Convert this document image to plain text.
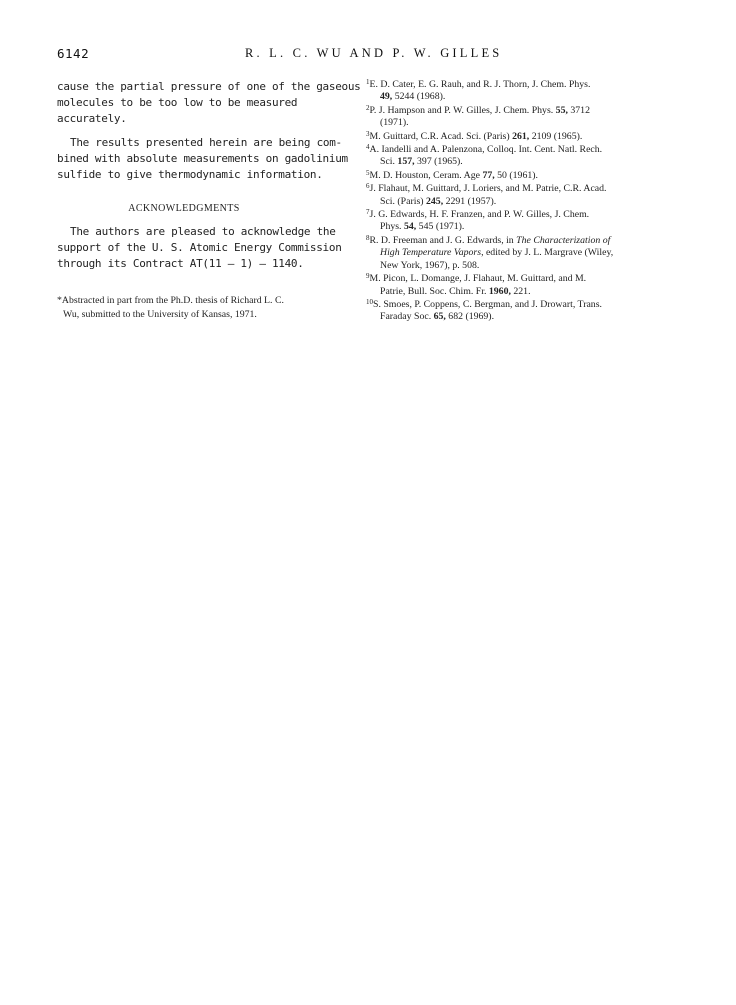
6142	R. L. C. WU AND P. W. GILLES

cause the partial pressure of one of the gaseous
molecules to be too low to be measured
accurately.

The results presented herein are being com-
bined with absolute measurements on gadolinium
sulfide to give thermodynamic information.

ACKNOWLEDGMENTS

The authors are pleased to acknowledge the
support of the U. S. Atomic Energy Commission
through its Contract AT(11 – 1) – 1140.

*Abstracted in part from the Ph.D. thesis of Richard L. C.
Wu, submitted to the University of Kansas, 1971.
$^1$E. D. Cater, E. G. Rauh, and R. J. Thorn, J. Chem. Phys.
49, 5244 (1968).
$^2$P. J. Hampson and P. W. Gilles, J. Chem. Phys. 55, 3712
(1971).
$^3$M. Guittard, C.R. Acad. Sci. (Paris) 261, 2109 (1965).
$^4$A. Iandelli and A. Palenzona, Colloq. Int. Cent. Natl. Rech.
Sci. 157, 397 (1965).
$^5$M. D. Houston, Ceram. Age 77, 50 (1961).
$^6$J. Flahaut, M. Guittard, J. Loriers, and M. Patrie, C.R. Acad.
Sci. (Paris) 245, 2291 (1957).
$^7$J. G. Edwards, H. F. Franzen, and P. W. Gilles, J. Chem.
Phys. 54, 545 (1971).
$^8$R. D. Freeman and J. G. Edwards, in The Characterization of
High Temperature Vapors, edited by J. L. Margrave (Wiley,
New York, 1967), p. 508.
$^9$M. Picon, L. Domange, J. Flahaut, M. Guittard, and M.
Patrie, Bull. Soc. Chim. Fr. 1960, 221.
$^{10}$S. Smoes, P. Coppens, C. Bergman, and J. Drowart, Trans.
Faraday Soc. 65, 682 (1969).
